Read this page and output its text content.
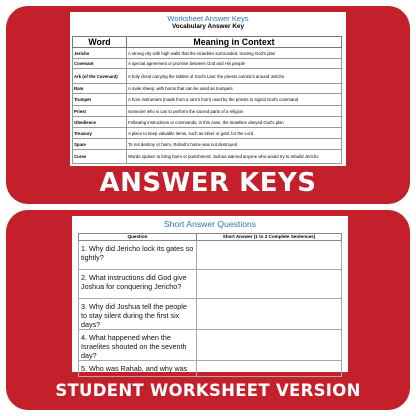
Worksheet Answer Keys
Vocabulary Answer Key
Word	Meaning in Context
Jericho	A strong city with high walls that the Israelites surrounded, trusting God's plan
Covenant	A special agreement or promise between God and His people
Ark (of the Covenant)	A holy chest carrying the tablets of God's Law; the priests carried it around Jericho
Ram	A male sheep, with horns that can be used as trumpets
Trumpet	A horn instrument (made from a ram's horn) used by the priests to signal God's command
Priest	someone who is can to perform the sacred parts of a religion
Obedience	Following instructions or commands; in this case, the Israelites obeyed God's plan
Treasury	A place to keep valuable items, such as silver or gold, for the Lord
Spare	To not destroy or harm, Rehab's home was not destroyed
Curse	Words spoken to bring harm or punishment; Joshua warned anyone who would try to rebuild Jericho
ANSWER KEYS
Short Answer Questions
Question	Short Answer (1 to 2 Complete Sentences)
1. Why did Jericho lock its gates so tightly?	
2. What instructions did God give Joshua for conquering Jericho?	
3. Why did Joshua tell the people to stay silent during the first six days?	
4. What happened when the Israelites shouted on the seventh day?	
5. Who was Rahab, and why was	
STUDENT WORKSHEET VERSION
